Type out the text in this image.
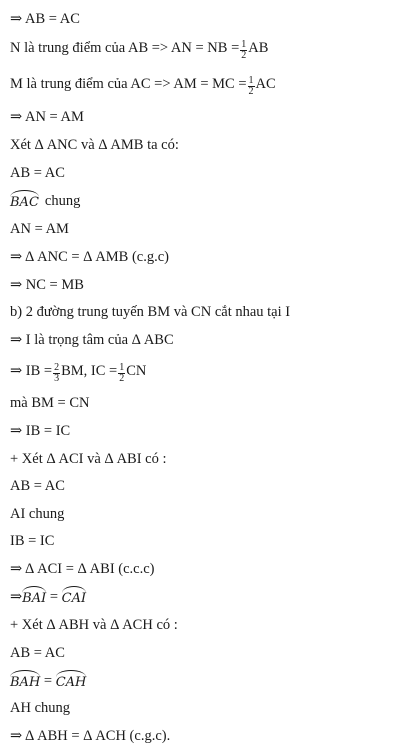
⇒ AB = AC
N là trung điểm của AB => AN = NB = $\frac{1}{2}$ AB
M là trung điểm của AC => AM = MC = $\frac{1}{2}$ AC
⇒ AN = AM
Xét Δ ANC và Δ AMB ta có:
AB = AC
BAC chung
AN = AM
⇒ Δ ANC = Δ AMB (c.g.c)
⇒ NC = MB
b) 2 đường trung tuyến BM và CN cắt nhau tại I
⇒ I là trọng tâm của Δ ABC
⇒ IB = $\frac{2}{3}$ BM, IC = $\frac{1}{2}$ CN
mà BM = CN
⇒ IB = IC
+ Xét Δ ACI và Δ ABI có :
AB = AC
AI chung
IB = IC
⇒ Δ ACI = Δ ABI (c.c.c)
⇒ BAI = CAI
+ Xét Δ ABH và Δ ACH có :
AB = AC
BAH = CAH
AH chung
⇒ Δ ABH = Δ ACH (c.g.c).
